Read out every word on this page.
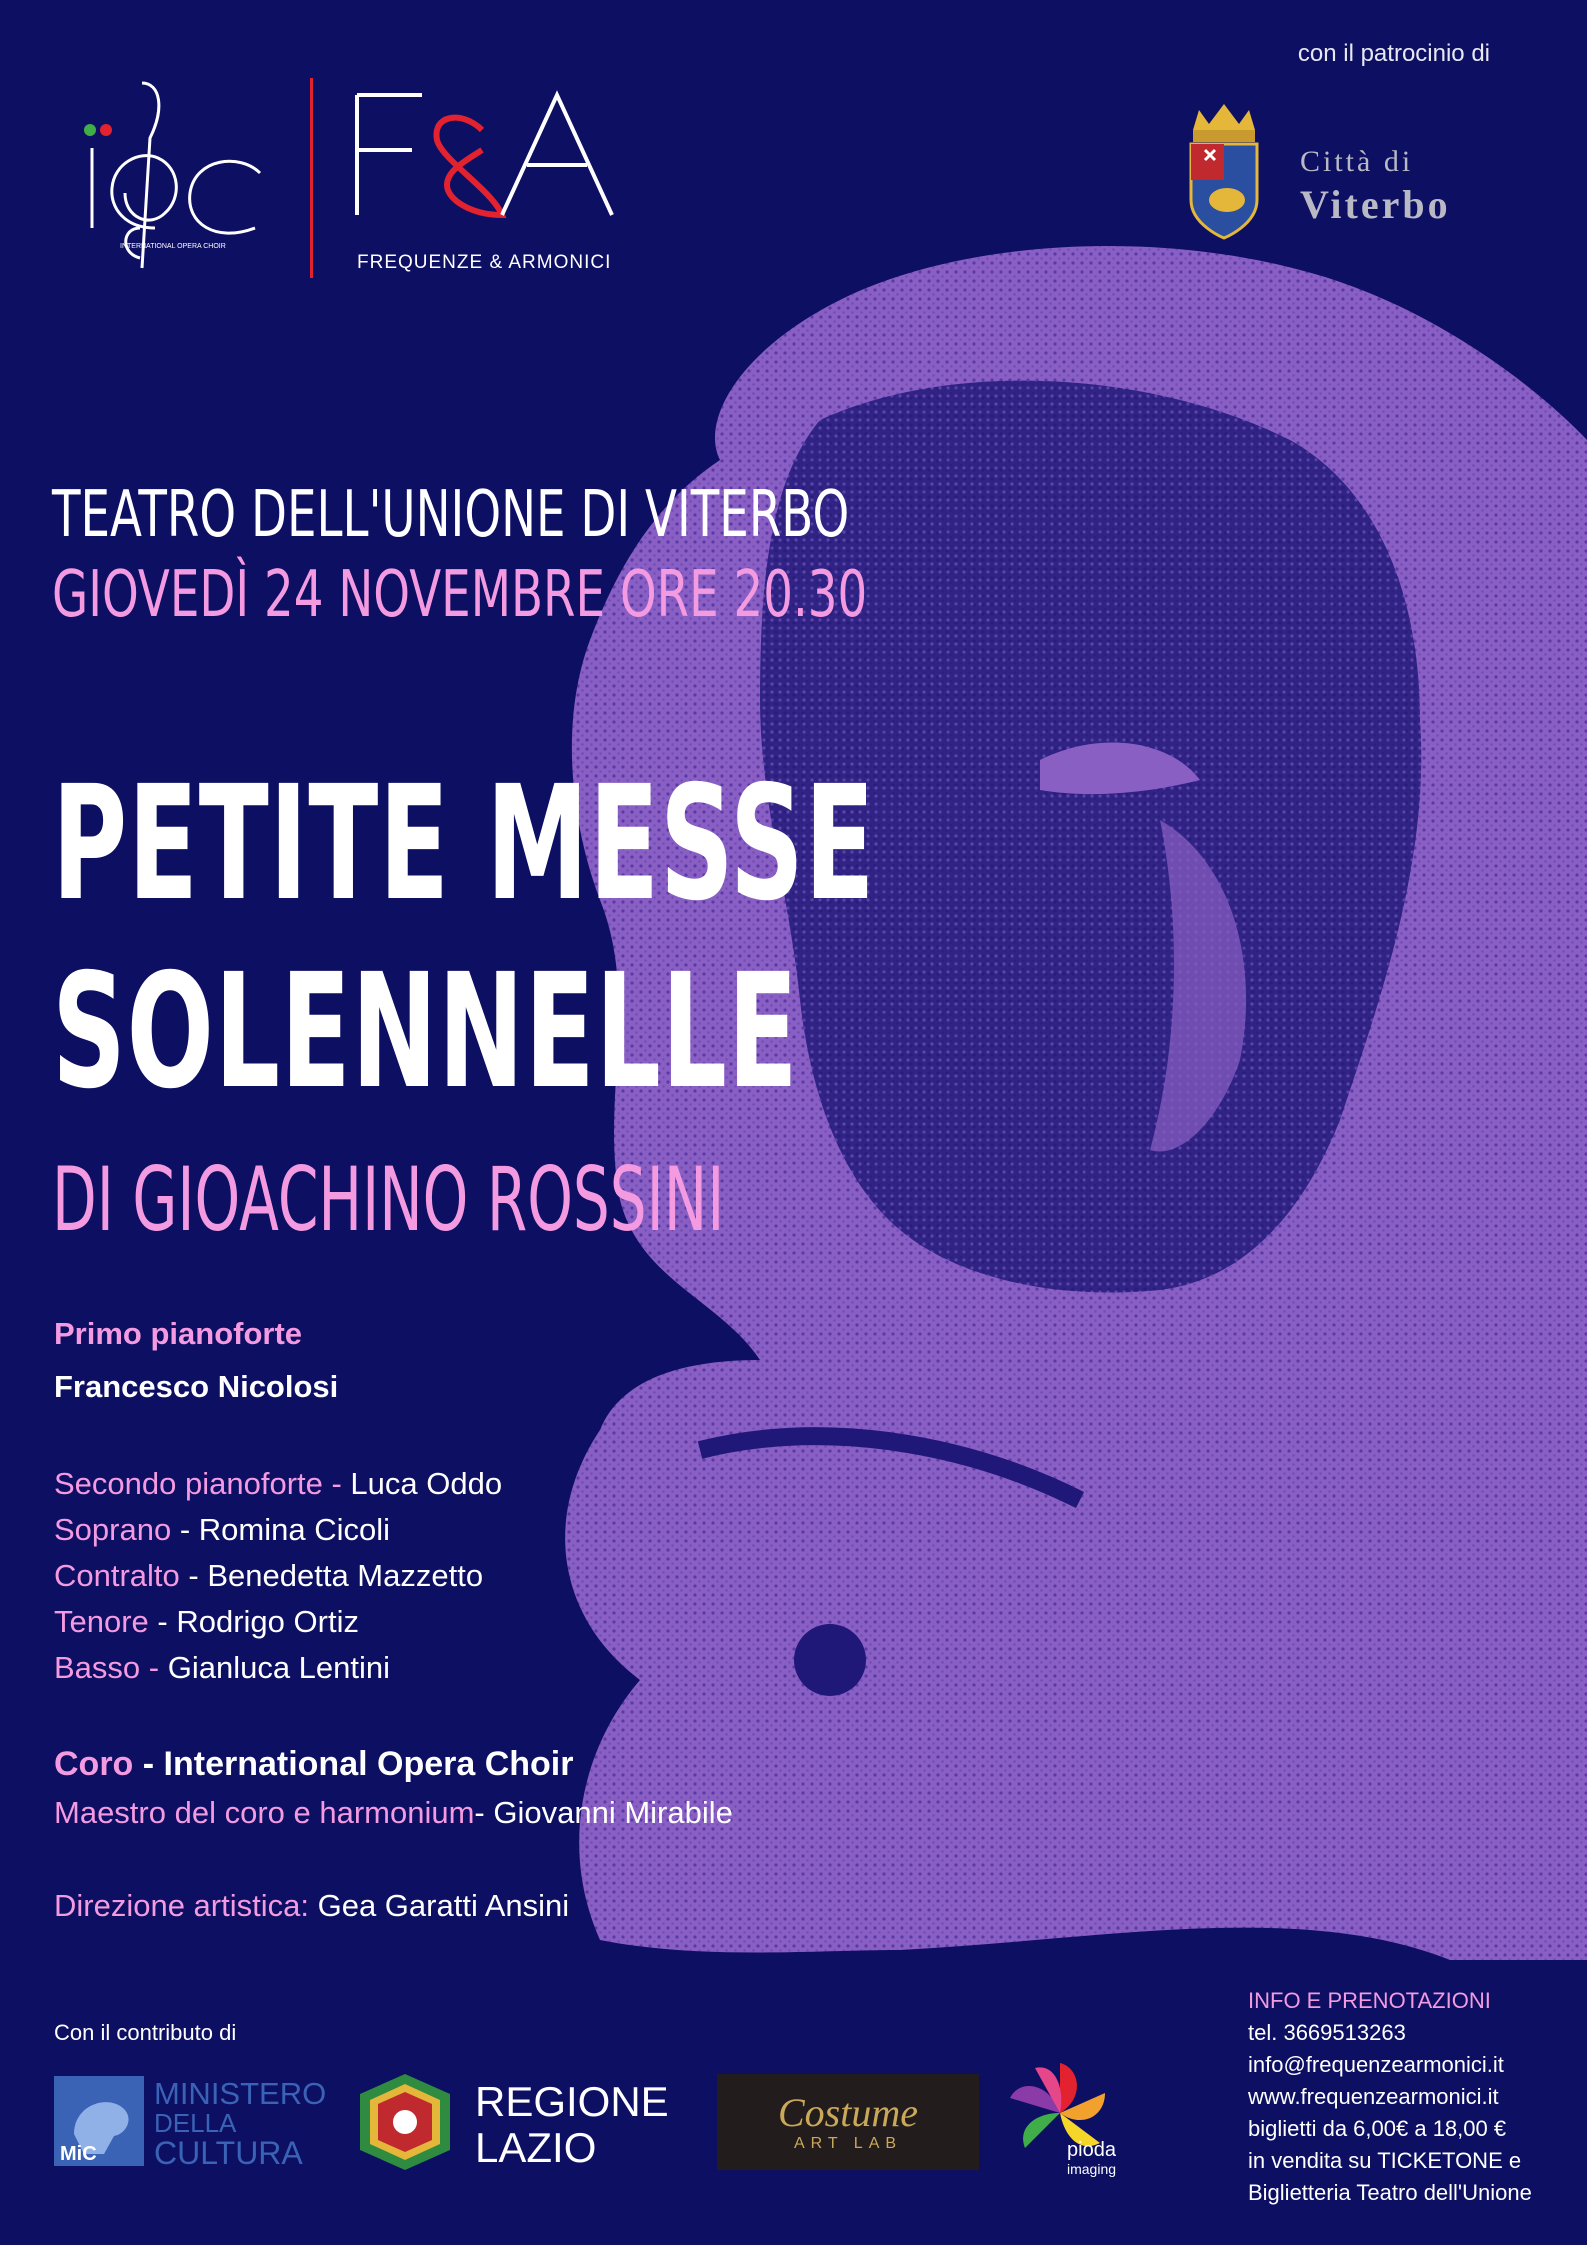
INTERNATIONAL OPERA CHOIR
FREQUENZE & ARMONICI
con il patrocinio di
Città di
Viterbo
TEATRO DELL'UNIONE DI VITERBO
GIOVEDÌ 24 NOVEMBRE ORE 20.30
PETITE MESSE
SOLENNELLE
DI GIOACHINO ROSSINI
Primo pianoforte
Francesco Nicolosi
Secondo pianoforte - Luca Oddo
Soprano - Romina Cicoli
Contralto - Benedetta Mazzetto
Tenore - Rodrigo Ortiz
Basso - Gianluca Lentini
Coro - International Opera Choir
Maestro del coro e harmonium- Giovanni Mirabile
Direzione artistica: Gea Garatti Ansini
Con il contributo di
MiC
MINISTERO
DELLA
CULTURA
REGIONE
LAZIO
Costume
ART LAB	pioda
imaging
INFO E PRENOTAZIONI
tel. 3669513263
info@frequenzearmonici.it
www.frequenzearmonici.it
biglietti da 6,00€ a 18,00 €
in vendita su TICKETONE e
Biglietteria Teatro dell'Unione
